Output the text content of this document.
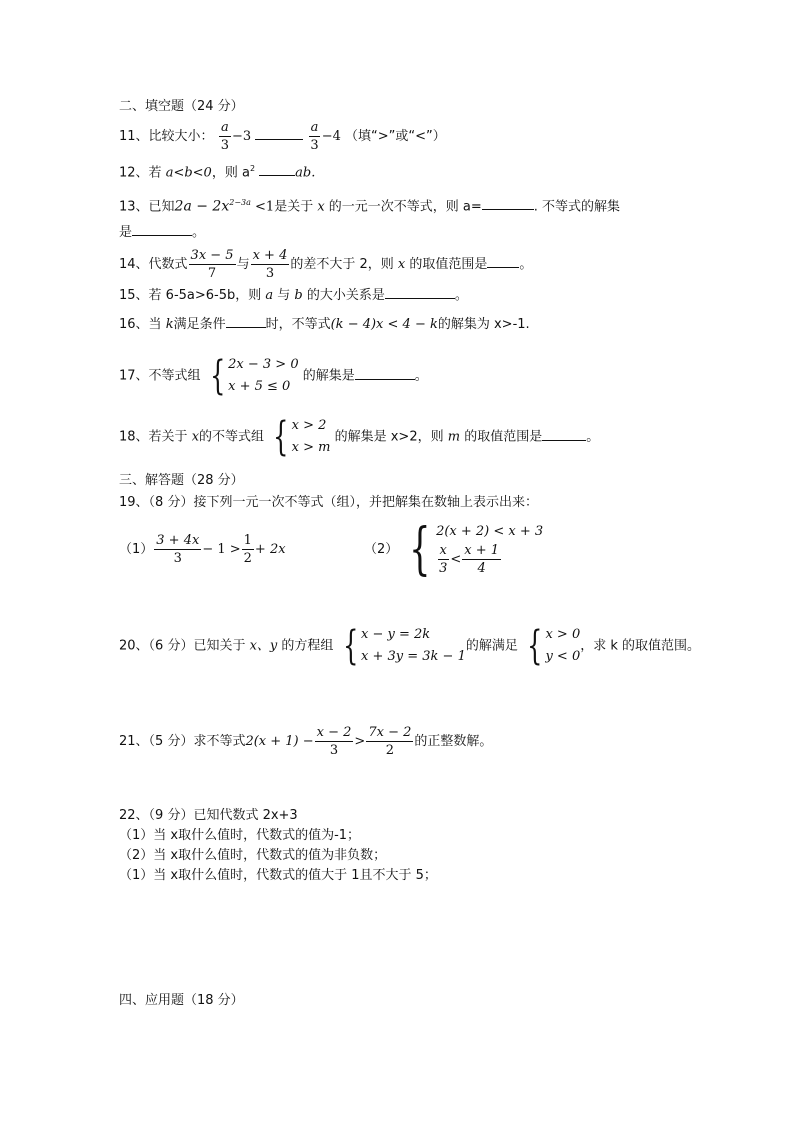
二、填空题（24 分）
11、比较大小： $\frac{a}{3} -3$	$\frac{a}{3} -4$ （填“>”或“<”）
12、若 a<b<0，则 $a^2$	ab.
13、已知$2a - 2x^{2-3a} <1$是关于 x 的一元一次不等式，则 a=	. 不等式的解集
是	。
14、代数式 $\frac{3x - 5}{7}$ 与 $\frac{x + 4}{3}$ 的差不大于 2，则 x 的取值范围是 。
15、若 6-5a>6-5b，则 a 与 b 的大小关系是	。
16、当 k满足条件	时，不等式(k − 4)x < 4 − k的解集为 x>-1.
17、不等式组 { 2x − 3 > 0
x + 5 ≤ 0
的解集是	。
18、若关于 x的不等式组 { x > 2
x > m
的解集是 x>2，则 m 的取值范围是	。
三、解答题（28 分）
19、（8 分）接下列一元一次不等式（组），并把解集在数轴上表示出来：
$(1) \frac{3 + 4x}{3} - 1 > \frac{1}{2} + 2x$	（2） { 2(x + 2) < x + 3
$\frac{x}{3} < \frac{x + 1}{4}$
20、（6 分）已知关于 x、y 的方程组 { x − y = 2k
x + 3y = 3k − 1
的解满足 { x > 0
y < 0
，求 k 的取值范围。
21、（5 分）求不等式$2(x + 1) - \frac{x - 2}{3} > \frac{7x - 2}{2}$ 的正整数解。
22、（9 分）已知代数式 2x+3
（1）当 x取什么值时，代数式的值为-1；
（2）当 x取什么值时，代数式的值为非负数；
（1）当 x取什么值时，代数式的值大于 1且不大于 5；
四、应用题（18 分）
